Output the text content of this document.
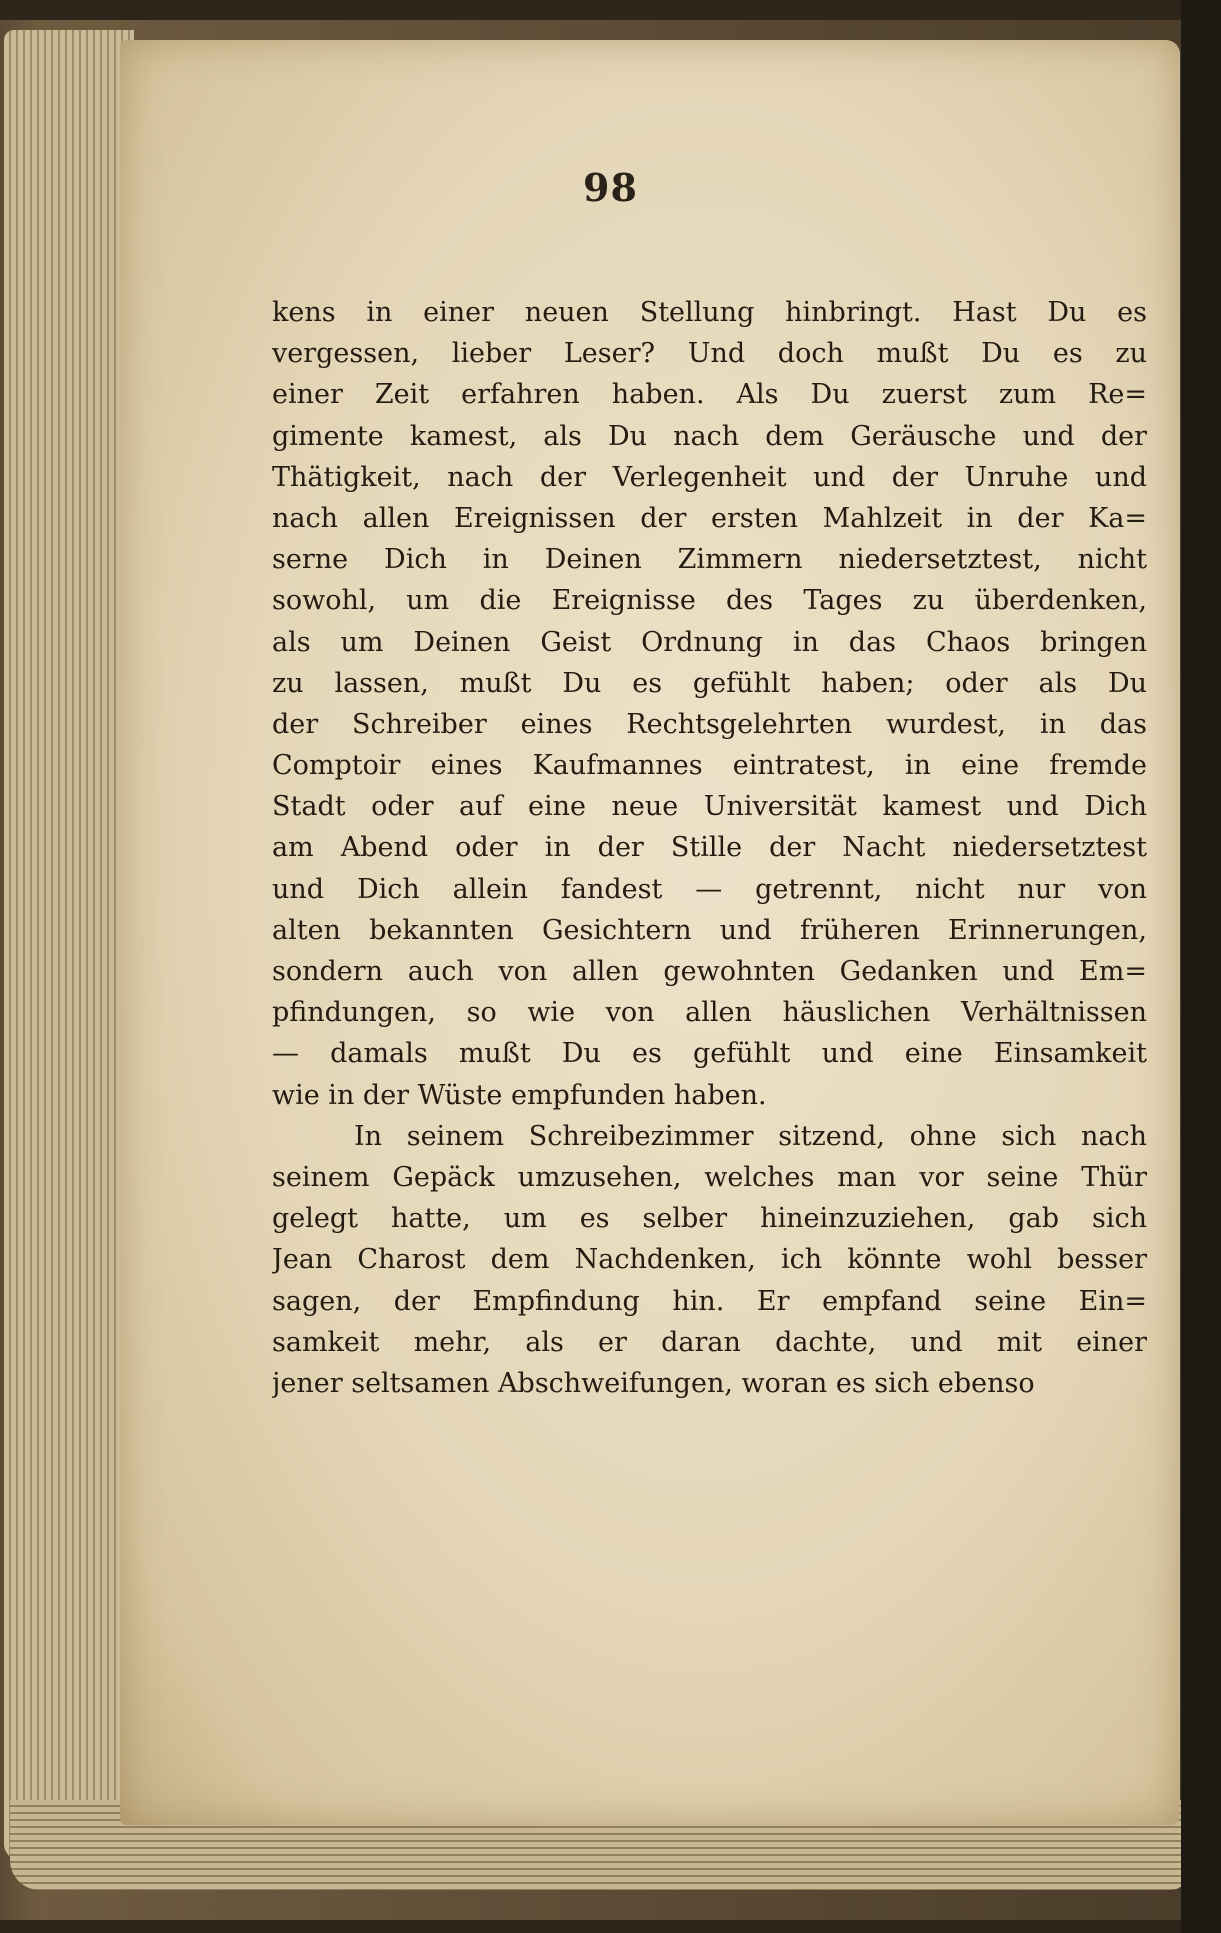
98
kens in einer neuen Stellung hinbringt. Hast Du es
vergessen, lieber Leser? Und doch mußt Du es zu
einer Zeit erfahren haben. Als Du zuerst zum Re=
gimente kamest, als Du nach dem Geräusche und der
Thätigkeit, nach der Verlegenheit und der Unruhe und
nach allen Ereignissen der ersten Mahlzeit in der Ka=
serne Dich in Deinen Zimmern niedersetztest, nicht
sowohl, um die Ereignisse des Tages zu überdenken,
als um Deinen Geist Ordnung in das Chaos bringen
zu lassen, mußt Du es gefühlt haben; oder als Du
der Schreiber eines Rechtsgelehrten wurdest, in das
Comptoir eines Kaufmannes eintratest, in eine fremde
Stadt oder auf eine neue Universität kamest und Dich
am Abend oder in der Stille der Nacht niedersetztest
und Dich allein fandest — getrennt, nicht nur von
alten bekannten Gesichtern und früheren Erinnerungen,
sondern auch von allen gewohnten Gedanken und Em=
pfindungen, so wie von allen häuslichen Verhältnissen
— damals mußt Du es gefühlt und eine Einsamkeit
wie in der Wüste empfunden haben.
In seinem Schreibezimmer sitzend, ohne sich nach
seinem Gepäck umzusehen, welches man vor seine Thür
gelegt hatte, um es selber hineinzuziehen, gab sich
Jean Charost dem Nachdenken, ich könnte wohl besser
sagen, der Empfindung hin. Er empfand seine Ein=
samkeit mehr, als er daran dachte, und mit einer
jener seltsamen Abschweifungen, woran es sich ebenso
